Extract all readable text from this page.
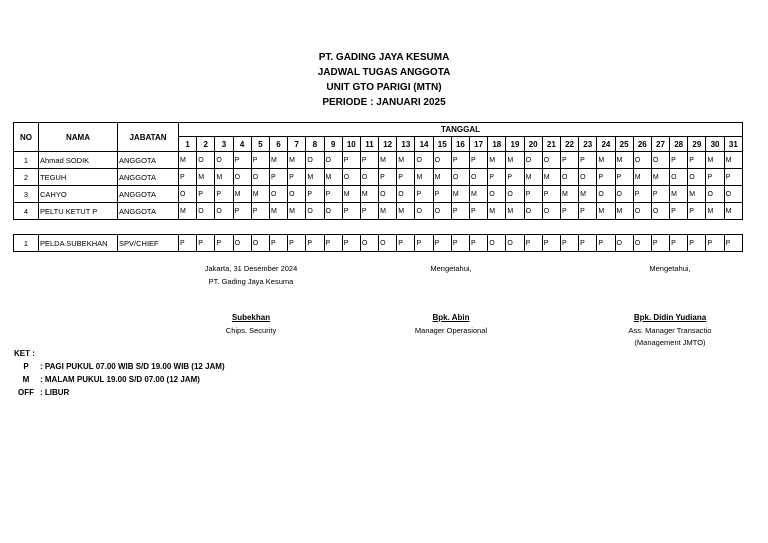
PT. GADING JAYA KESUMA
JADWAL TUGAS ANGGOTA
UNIT GTO PARIGI (MTN)
PERIODE : JANUARI 2025
NO	NAMA	JABATAN	TANGGAL																														
			1	2	3	4	5	6	7	8	9	10	11	12	13	14	15	16	17	18	19	20	21	22	23	24	25	26	27	28	29	30	31
1	Ahmad SODIK	ANGGOTA	M	O	O	P	P	M	M	O	O	P	P	M	M	O	O	P	P	M	M	O	O	P	P	M	M	O	O	P	P	M	M
2	TEGUH	ANGGOTA	P	M	M	O	O	P	P	M	M	O	O	P	P	M	M	O	O	P	P	M	M	O	O	P	P	M	M	O	O	P	P
3	CAHYO	ANGGOTA	O	P	P	M	M	O	O	P	P	M	M	O	O	P	P	M	M	O	O	P	P	M	M	O	O	P	P	M	M	O	O
4	PELTU KETUT P	ANGGOTA	M	O	O	P	P	M	M	O	O	P	P	M	M	O	O	P	P	M	M	O	O	P	P	M	M	O	O	P	P	M	M
1	PELDA SUBEKHAN	SPV/CHIEF	P	P	P	O	O	P	P	P	P	P	O	O	P	P	P	P	P	O	O	P	P	P	P	P	O	O	P	P	P	P	P
Jakarta, 31 Desember 2024
PT. Gading Jaya Kesuma
Mengetahui,	Mengetahui,
Subekhan
Chips. Security
Bpk. Abin
Manager Operasional
Bpk. Didin Yudiana
Ass. Manager Transactio
(Management JMTO)
KET :
P	: PAGI PUKUL 07.00 WIB S/D 19.00 WIB (12 JAM)
M	: MALAM PUKUL 19.00 S/D 07.00 (12 JAM)
OFF : LIBUR
